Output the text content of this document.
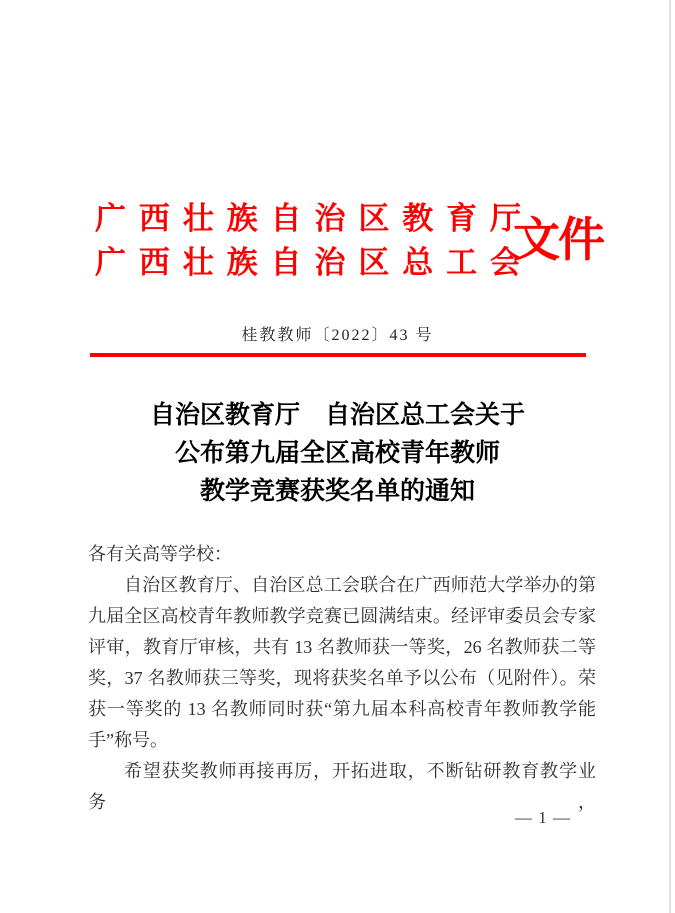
广西壮族自治区教育厅
广西壮族自治区总工会
文件
桂教教师〔2022〕43 号
自治区教育厅　自治区总工会关于
公布第九届全区高校青年教师
教学竞赛获奖名单的通知
各有关高等学校：
自治区教育厅、自治区总工会联合在广西师范大学举办的第
九届全区高校青年教师教学竞赛已圆满结束。经评审委员会专家
评审，教育厅审核，共有 13 名教师获一等奖，26 名教师获二等
奖，37 名教师获三等奖，现将获奖名单予以公布（见附件）。荣
获一等奖的 13 名教师同时获“第九届本科高校青年教师教学能
手”称号。
希望获奖教师再接再厉，开拓进取，不断钻研教育教学业务，
— 1 —
